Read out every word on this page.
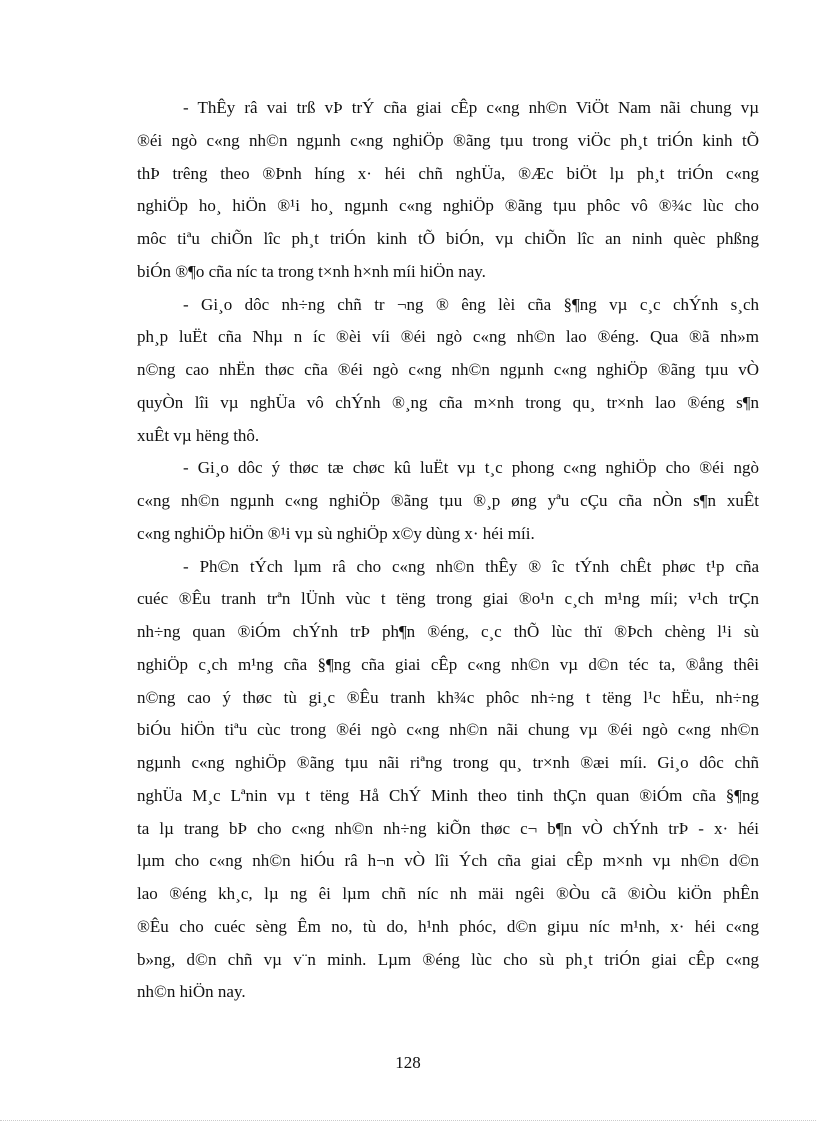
- ThÊy râ vai trß vÞ trÝ cña giai cÊp c«ng nh©n ViÖt Nam nãi chung vµ
®éi ngò c«ng nh©n ngµnh c«ng nghiÖp ®ãng tµu trong viÖc ph¸t triÓn kinh tÕ
thÞ trêng theo ®Þnh híng x· héi chñ nghÜa, ®Æc biÖt lµ ph¸t triÓn c«ng
nghiÖp ho¸ hiÖn ®¹i ho¸ ngµnh c«ng nghiÖp ®ãng tµu phôc vô ®¾c lùc cho
môc tiªu chiÕn lîc ph¸t triÓn kinh tÕ biÓn, vµ chiÕn lîc an ninh quèc phßng
biÓn ®¶o cña níc ta trong t×nh h×nh míi hiÖn nay.
- Gi¸o dôc nh÷ng chñ tr ¬ng ® êng lèi cña §¶ng vµ c¸c chÝnh s¸ch
ph¸p luËt cña Nhµ n íc ®èi víi ®éi ngò c«ng nh©n lao ®éng. Qua ®ã nh»m
n©ng cao nhËn thøc cña ®éi ngò c«ng nh©n ngµnh c«ng nghiÖp ®ãng tµu vÒ
quyÒn lîi vµ nghÜa vô chÝnh ®¸ng cña m×nh trong qu¸ tr×nh lao ®éng s¶n
xuÊt vµ hëng thô.
- Gi¸o dôc ý thøc tæ chøc kû luËt vµ t¸c phong c«ng nghiÖp cho ®éi ngò
c«ng nh©n ngµnh c«ng nghiÖp ®ãng tµu ®¸p øng yªu cÇu cña nÒn s¶n xuÊt
c«ng nghiÖp hiÖn ®¹i vµ sù nghiÖp x©y dùng x· héi míi.
- Ph©n tÝch lµm râ cho c«ng nh©n thÊy ® îc tÝnh chÊt phøc t¹p cña
cuéc ®Êu tranh trªn lÜnh vùc t tëng trong giai ®o¹n c¸ch m¹ng míi; v¹ch trÇn
nh÷ng quan ®iÓm chÝnh trÞ ph¶n ®éng, c¸c thÕ lùc thï ®Þch chèng l¹i sù
nghiÖp c¸ch m¹ng cña §¶ng cña giai cÊp c«ng nh©n vµ d©n téc ta, ®ång thêi
n©ng cao ý thøc tù gi¸c ®Êu tranh kh¾c phôc nh÷ng t tëng l¹c hËu, nh÷ng
biÓu hiÖn tiªu cùc trong ®éi ngò c«ng nh©n nãi chung vµ ®éi ngò c«ng nh©n
ngµnh c«ng nghiÖp ®ãng tµu nãi riªng trong qu¸ tr×nh ®æi míi. Gi¸o dôc chñ
nghÜa M¸c Lªnin vµ t tëng Hå ChÝ Minh theo tinh thÇn quan ®iÓm cña §¶ng
ta lµ trang bÞ cho c«ng nh©n nh÷ng kiÕn thøc c¬ b¶n vÒ chÝnh trÞ - x· héi
lµm cho c«ng nh©n hiÓu râ h¬n vÒ lîi Ých cña giai cÊp m×nh vµ nh©n d©n
lao ®éng kh¸c, lµ ng êi lµm chñ níc nh mäi ngêi ®Òu cã ®iÒu kiÖn phÊn
®Êu cho cuéc sèng Êm no, tù do, h¹nh phóc, d©n giµu níc m¹nh, x· héi c«ng
b»ng, d©n chñ vµ v¨n minh. Lµm ®éng lùc cho sù ph¸t triÓn giai cÊp c«ng
nh©n hiÖn nay.
128
